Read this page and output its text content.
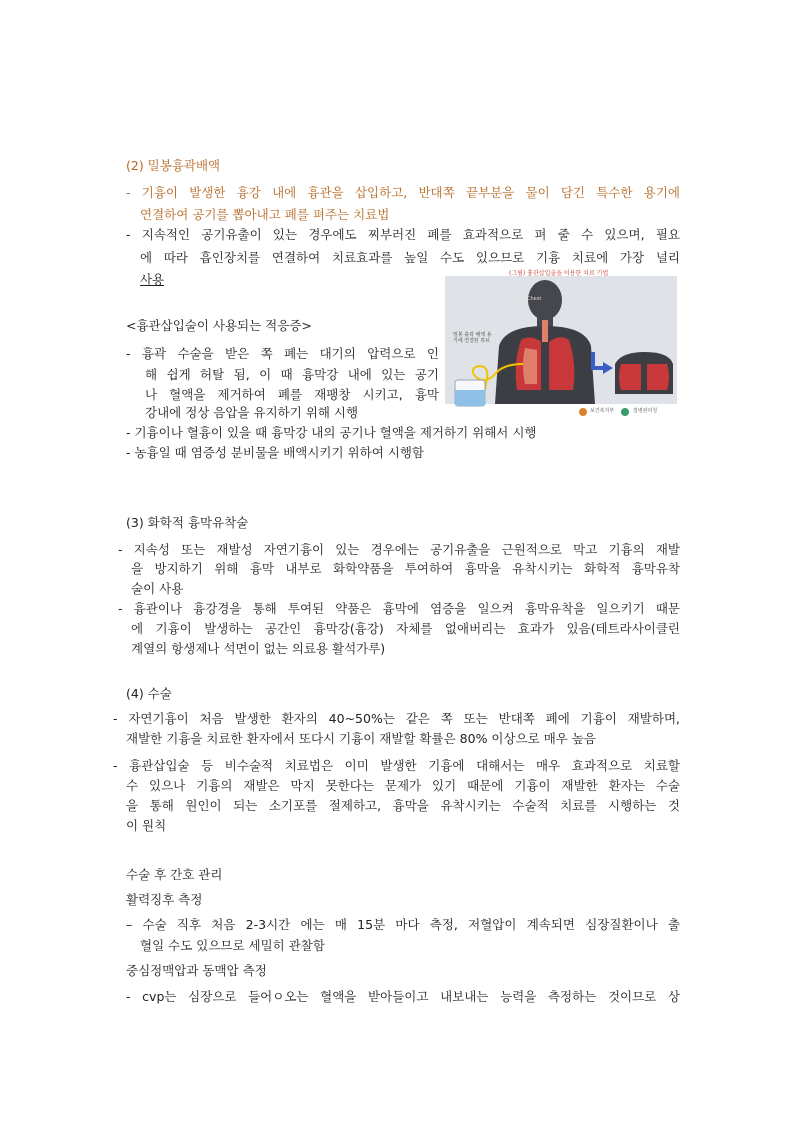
(2) 밀봉흉곽배액
- 기흉이 발생한 흉강 내에 흉관을 삽입하고, 반대쪽 끝부분을 물이 담긴 특수한 용기에
연결하여 공기를 뽑아내고 폐를 펴주는 치료법
- 지속적인 공기유출이 있는 경우에도 찌부러진 폐를 효과적으로 펴 줄 수 있으며, 필요
에 따라 흡인장치를 연결하여 치료효과를 높일 수도 있으므로 기흉 치료에 가장 널리
사용	(그림) 흉관삽입술을 이용한 치료 기법
밀봉 흉곽 배액 용기에 연결된 튜브
Chest
보건복지부	질병관리청
<흉관삽입술이 사용되는 적응증>
- 흉곽 수술을 받은 쪽 폐는 대기의 압력으로 인
해 쉽게 허탈 됨, 이 때 흉막강 내에 있는 공기
나 혈액을 제거하여 폐를 재팽창 시키고, 흉막
강내에 정상 음압을 유지하기 위해 시행
- 기흉이나 혈흉이 있을 때 흉막강 내의 공기나 혈액을 제거하기 위해서 시행
- 농흉일 때 염증성 분비물을 배액시키기 위하여 시행함
(3) 화학적 흉막유착술
- 지속성 또는 재발성 자연기흉이 있는 경우에는 공기유출을 근원적으로 막고 기흉의 재발
을 방지하기 위해 흉막 내부로 화학약품을 투여하여 흉막을 유착시키는 화학적 흉막유착
술이 사용
- 흉관이나 흉강경을 통해 투여된 약품은 흉막에 염증을 일으켜 흉막유착을 일으키기 때문
에 기흉이 발생하는 공간인 흉막강(흉강) 자체를 없애버리는 효과가 있음(테트라사이클린
계열의 항생제나 석면이 없는 의료용 활석가루)
(4) 수술
- 자연기흉이 처음 발생한 환자의 40~50%는 같은 쪽 또는 반대쪽 폐에 기흉이 재발하며,
재발한 기흉을 치료한 환자에서 또다시 기흉이 재발할 확률은 80% 이상으로 매우 높음
- 흉관삽입술 등 비수술적 치료법은 이미 발생한 기흉에 대해서는 매우 효과적으로 치료할
수 있으나 기흉의 재발은 막지 못한다는 문제가 있기 때문에 기흉이 재발한 환자는 수술
을 통해 원인이 되는 소기포를 절제하고, 흉막을 유착시키는 수술적 치료를 시행하는 것
이 원칙
수술 후 간호 관리
활력징후 측정
– 수술 직후 처음 2-3시간 에는 매 15분 마다 측정, 저혈압이 계속되면 심장질환이나 출
혈일 수도 있으므로 세밀히 관찰함
중심정맥압과 동맥압 측정
- cvp는 심장으로 들어ㅇ오는 혈액을 받아들이고 내보내는 능력을 측정하는 것이므로 상
